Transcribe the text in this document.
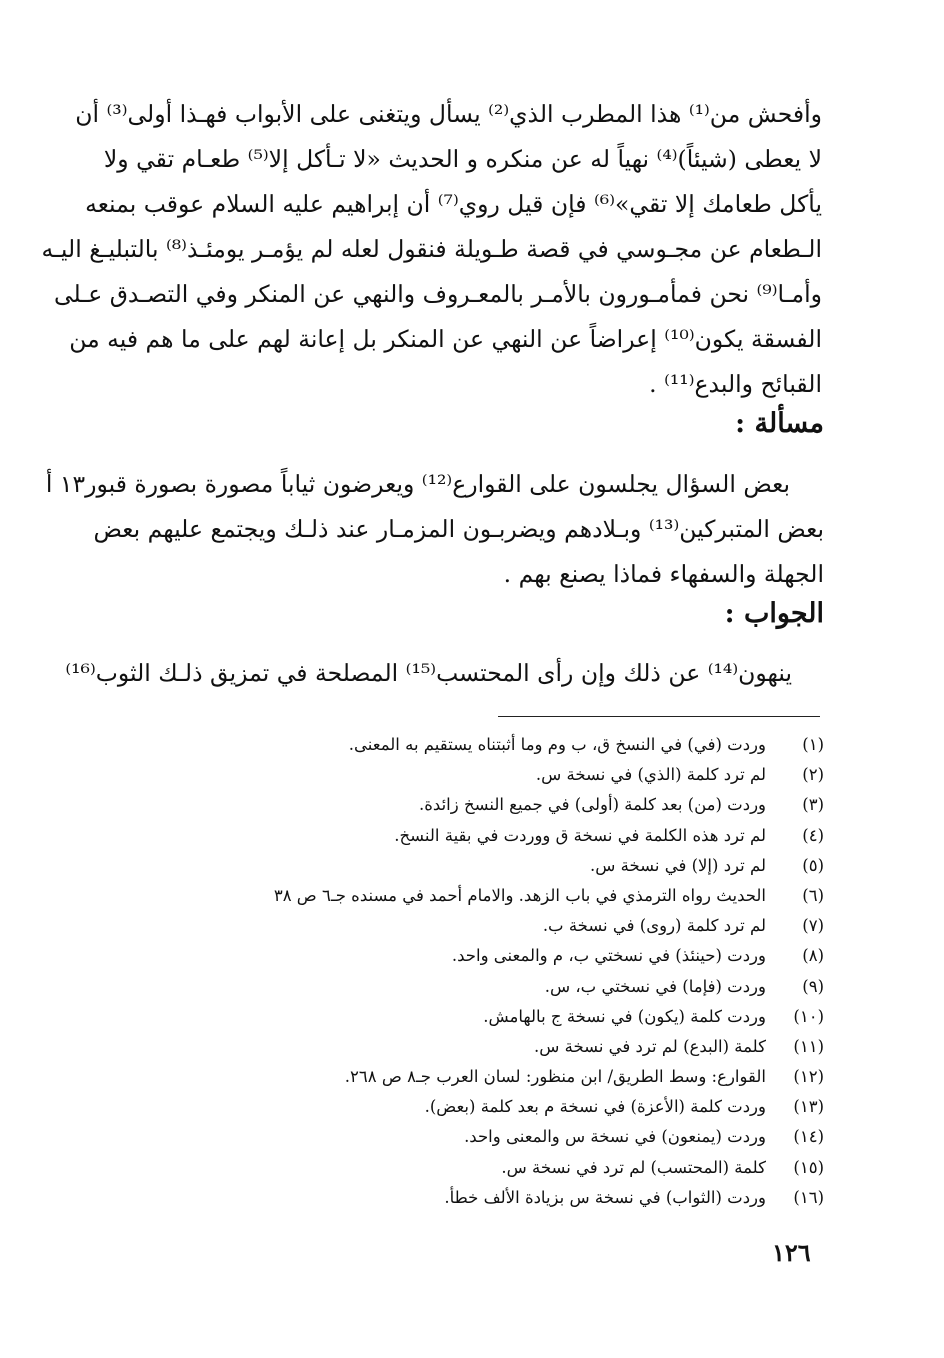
وأفحش من⁽¹⁾ هذا المطرب الذي⁽²⁾ يسأل ويتغنى على الأبواب فهـذا أولى⁽³⁾ أن
لا يعطى (شيئاً)⁽⁴⁾ نهياً له عن منكره و الحديث «لا تـأكل إلا⁽⁵⁾ طعـام تقي ولا
يأكل طعامك إلا تقي»⁽⁶⁾ فإن قيل روي⁽⁷⁾ أن إبراهيم عليه السلام عوقب بمنعه
الـطعام عن مجـوسي في قصة طـويلة فنقول لعله لم يؤمـر يومئـذ⁽⁸⁾ بالتبليـغ اليـه
وأمـا⁽⁹⁾ نحن فمأمـورون بالأمـر بالمعـروف والنهي عن المنكر وفي التصـدق عـلى
الفسقة يكون⁽¹⁰⁾ إعراضاً عن النهي عن المنكر بل إعانة لهم على ما هم فيه من
القبائح والبدع⁽¹¹⁾ .

مسألة :
بعض السؤال يجلسون على القوارع⁽¹²⁾ ويعرضون ثياباً مصورة بصورة قبور١٣ أ
بعض المتبركين⁽¹³⁾ وبـلادهم ويضربـون المزمـار عند ذلـك ويجتمع عليهم بعض
الجهلة والسفهاء فماذا يصنع بهم .
الجواب :
ينهون⁽¹⁴⁾ عن ذلك وإن رأى المحتسب⁽¹⁵⁾ المصلحة في تمزيق ذلـك الثوب⁽¹⁶⁾
(١)
وردت (في) في النسخ ق، ب وم وما أثبتناه يستقيم به المعنى.
(٢)
لم ترد كلمة (الذي) في نسخة س.
(٣)
وردت (من) بعد كلمة (أولى) في جميع النسخ زائدة.
(٤)
لم ترد هذه الكلمة في نسخة ق ووردت في بقية النسخ.
(٥)
لم ترد (إلا) في نسخة س.
(٦)
الحديث رواه الترمذي في باب الزهد. والامام أحمد في مسنده جـ٦ ص ٣٨
(٧)
لم ترد كلمة (روى) في نسخة ب.
(٨)
وردت (حينئذ) في نسختي ب، م والمعنى واحد.
(٩)
وردت (فإما) في نسختي ب، س.
(١٠)
وردت كلمة (يكون) في نسخة ج بالهامش.
(١١)
كلمة (البدع) لم ترد في نسخة س.
(١٢)
القوارع: وسط الطريق/ ابن منظور: لسان العرب جـ٨ ص ٢٦٨.
(١٣)
وردت كلمة (الأعزة) في نسخة م بعد كلمة (بعض).
(١٤)
وردت (يمنعون) في نسخة س والمعنى واحد.
(١٥)
كلمة (المحتسب) لم ترد في نسخة س.
(١٦)
وردت (الثواب) في نسخة س بزيادة الألف خطأ.
١٢٦
